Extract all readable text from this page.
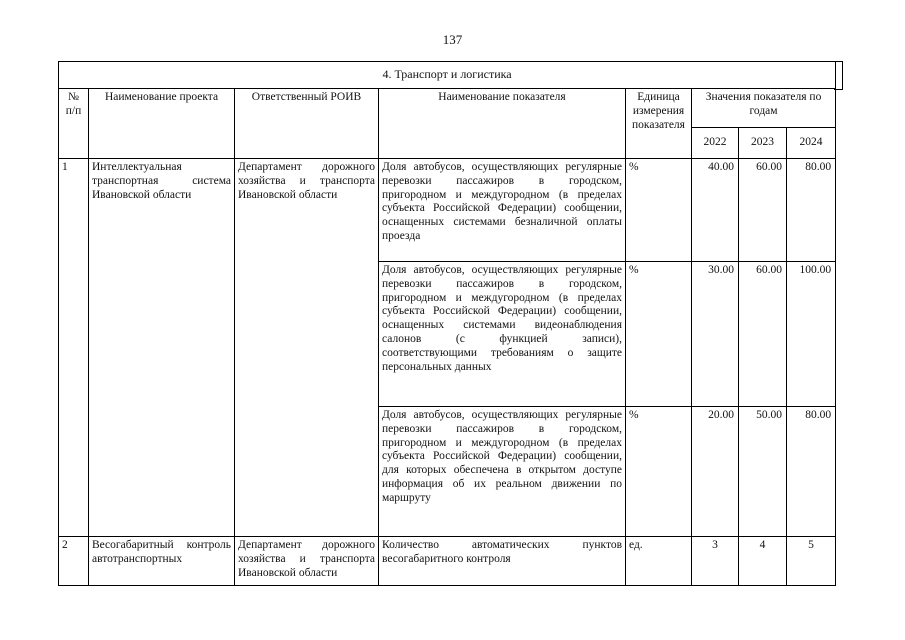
137
4. Транспорт и логистика							
№ п/п	Наименование проекта	Ответственный РОИВ	Наименование показателя	Единица измерения показателя	Значения показателя по годам		
					2022	2023	2024
1	Интеллектуальная транспортная система Ивановской области	Департамент дорожного хозяйства и транспорта Ивановской области	Доля автобусов, осуществляющих регулярные перевозки пассажиров в городском, пригородном и междугородном (в пределах субъекта Российской Федерации) сообщении, оснащенных системами безналичной оплаты проезда	%	40.00	60.00	80.00
			Доля автобусов, осуществляющих регулярные перевозки пассажиров в городском, пригородном и междугородном (в пределах субъекта Российской Федерации) сообщении, оснащенных системами видеонаблюдения салонов (с функцией записи), соответствующими требованиям о защите персональных данных	%	30.00	60.00	100.00
			Доля автобусов, осуществляющих регулярные перевозки пассажиров в городском, пригородном и междугородном (в пределах субъекта Российской Федерации) сообщении, для которых обеспечена в открытом доступе информация об их реальном движении по маршруту	%	20.00	50.00	80.00
2	Весогабаритный контроль автотранспортных	Департамент дорожного хозяйства и транспорта Ивановской области	Количество автоматических пунктов весогабаритного контроля	ед.	3	4	5
